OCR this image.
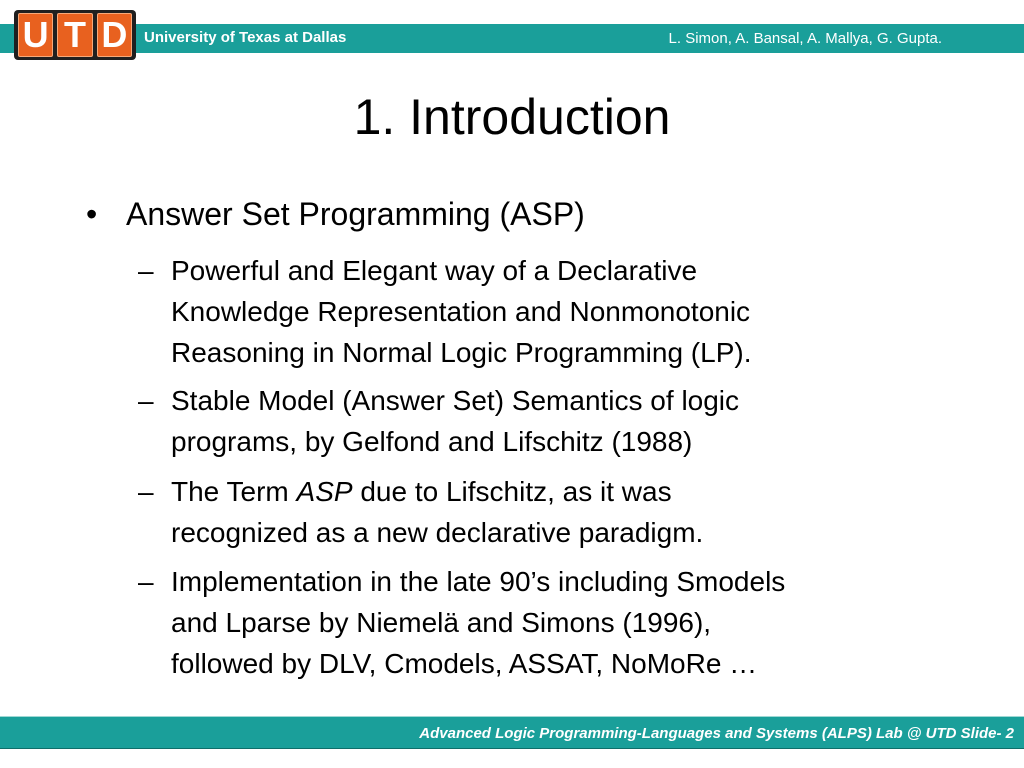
U T D	University of Texas at Dallas	L. Simon, A. Bansal, A. Mallya, G. Gupta.
1. Introduction
• Answer Set Programming (ASP)
– Powerful and Elegant way of a Declarative
Knowledge Representation and Nonmonotonic
Reasoning in Normal Logic Programming (LP).
– Stable Model (Answer Set) Semantics of logic
programs, by Gelfond and Lifschitz (1988)
– The Term ASP due to Lifschitz, as it was
recognized as a new declarative paradigm.
– Implementation in the late 90’s including Smodels
and Lparse by Niemelä and Simons (1996),
followed by DLV, Cmodels, ASSAT, NoMoRe …
Advanced Logic Programming-Languages and Systems (ALPS) Lab @ UTD Slide- 2
